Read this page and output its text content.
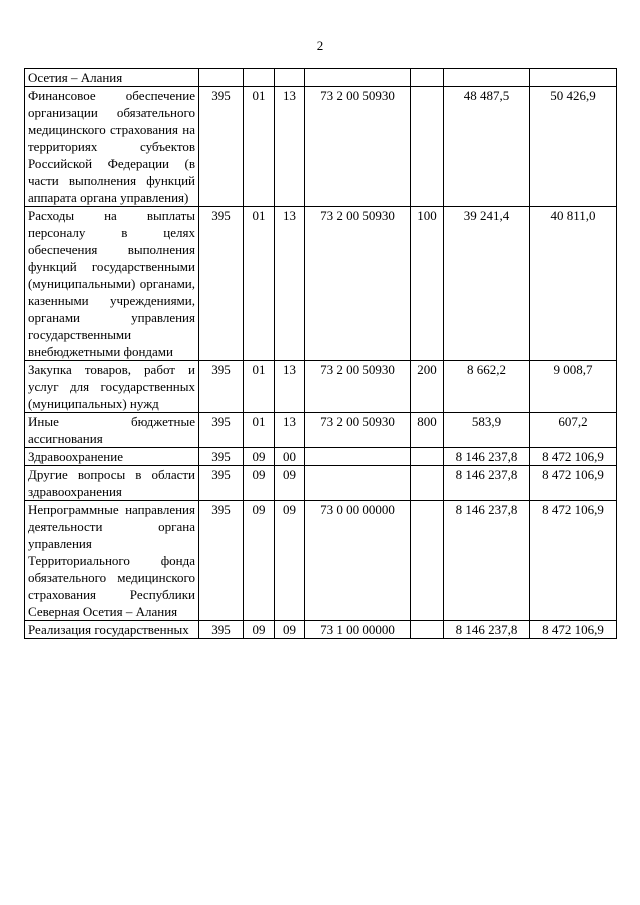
2
Осетия – Алания							
Финансовое обеспечение организации обязательного медицинского страхования на территориях субъектов Российской Федерации (в части выполнения функций аппарата органа управления)	395	01	13	73 2 00 50930		48 487,5	50 426,9
Расходы на выплаты персоналу в целях обеспечения выполнения функций государственными (муниципальными) органами, казенными учреждениями, органами управления государственными внебюджетными фондами	395	01	13	73 2 00 50930	100	39 241,4	40 811,0
Закупка товаров, работ и услуг для государственных (муниципальных) нужд	395	01	13	73 2 00 50930	200	8 662,2	9 008,7
Иные бюджетные ассигнования	395	01	13	73 2 00 50930	800	583,9	607,2
Здравоохранение	395	09	00			8 146 237,8	8 472 106,9
Другие вопросы в области здравоохранения	395	09	09			8 146 237,8	8 472 106,9
Непрограммные направления деятельности органа управления Территориального фонда обязательного медицинского страхования Республики Северная Осетия – Алания	395	09	09	73 0 00 00000		8 146 237,8	8 472 106,9
Реализация государственных	395	09	09	73 1 00 00000		8 146 237,8	8 472 106,9
